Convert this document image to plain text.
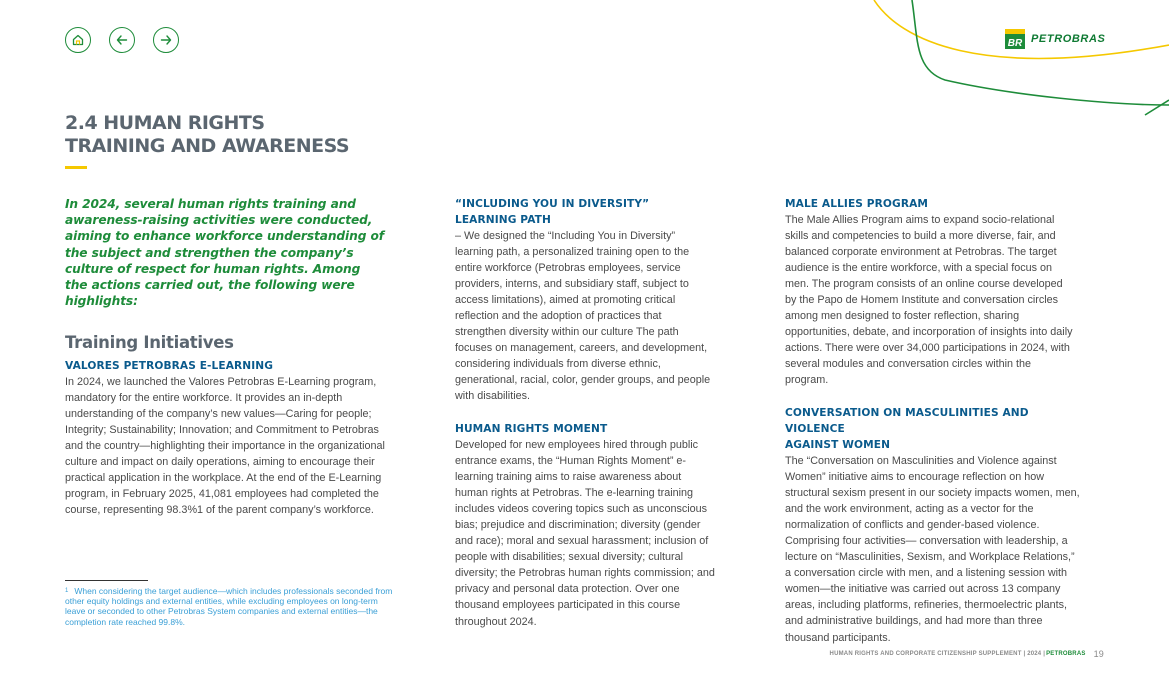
BR PETROBRAS
2.4 HUMAN RIGHTS
TRAINING AND AWARENESS

In 2024, several human rights training and awareness-raising activities were conducted, aiming to enhance workforce understanding of the subject and strengthen the company’s culture of respect for human rights. Among the actions carried out, the following were highlights:

Training Initiatives
VALORES PETROBRAS E-LEARNING

In 2024, we launched the Valores Petrobras E-Learning program, mandatory for the entire workforce. It provides an in-depth understanding of the company’s new values—Caring for people; Integrity; Sustainability; Innovation; and Commitment to Petrobras and the country—highlighting their importance in the organizational culture and impact on daily operations, aiming to encourage their practical application in the workplace. At the end of the E-Learning program, in February 2025, 41,081 employees had completed the course, representing 98.3%1 of the parent company’s workforce.

“INCLUDING YOU IN DIVERSITY”
LEARNING PATH

– We designed the “Including You in Diversity” learning path, a personalized training open to the entire workforce (Petrobras employees, service providers, interns, and subsidiary staff, subject to access limitations), aimed at promoting critical reflection and the adoption of practices that strengthen diversity within our culture The path focuses on management, careers, and development, considering individuals from diverse ethnic, generational, racial, color, gender groups, and people with disabilities.

HUMAN RIGHTS MOMENT

Developed for new employees hired through public entrance exams, the “Human Rights Moment” e-learning training aims to raise awareness about human rights at Petrobras. The e-learning training includes videos covering topics such as unconscious bias; prejudice and discrimination; diversity (gender and race); moral and sexual harassment; inclusion of people with disabilities; sexual diversity; cultural diversity; the Petrobras human rights commission; and privacy and personal data protection. Over one thousand employees participated in this course throughout 2024.

MALE ALLIES PROGRAM

The Male Allies Program aims to expand socio-relational skills and competencies to build a more diverse, fair, and balanced corporate environment at Petrobras. The target audience is the entire workforce, with a special focus on men. The program consists of an online course developed by the Papo de Homem Institute and conversation circles among men designed to foster reflection, sharing opportunities, debate, and incorporation of insights into daily actions. There were over 34,000 participations in 2024, with several modules and conversation circles within the program.

CONVERSATION ON MASCULINITIES AND VIOLENCE
AGAINST WOMEN

The “Conversation on Masculinities and Violence against Women” initiative aims to encourage reflection on how structural sexism present in our society impacts women, men, and the work environment, acting as a vector for the normalization of conflicts and gender-based violence. Comprising four activities— conversation with leadership, a lecture on “Masculinities, Sexism, and Workplace Relations,” a conversation circle with men, and a listening session with women—the initiative was carried out across 13 company areas, including platforms, refineries, thermoelectric plants, and administrative buildings, and had more than three thousand participants.

$^1$ When considering the target audience—which includes professionals seconded from other equity holdings and external entities, while excluding employees on long-term leave or seconded to other Petrobras System companies and external entities—the completion rate reached 99.8%.
HUMAN RIGHTS AND CORPORATE CITIZENSHIP SUPPLEMENT | 2024 | PETROBRAS 19
